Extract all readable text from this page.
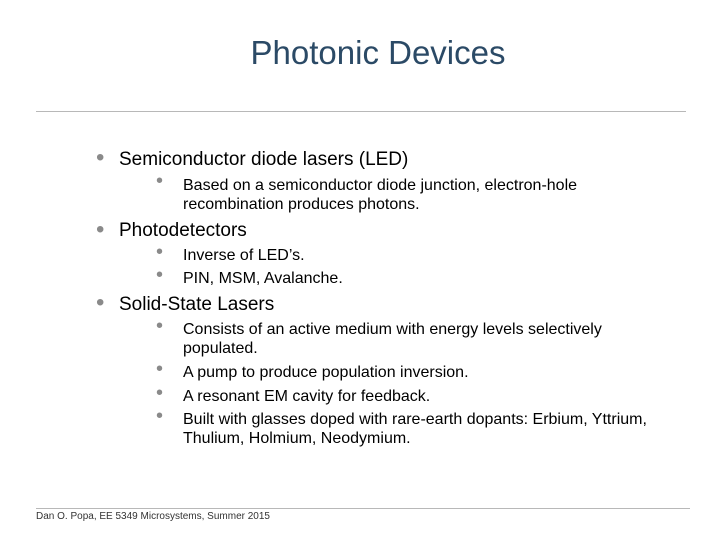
Photonic Devices
• Semiconductor diode lasers (LED)
• Based on a semiconductor diode junction, electron-hole recombination produces photons.
• Photodetectors
• Inverse of LED’s.
• PIN, MSM, Avalanche.
• Solid-State Lasers
• Consists of an active medium with energy levels selectively populated.
• A pump to produce population inversion.
• A resonant EM cavity for feedback.
• Built with glasses doped with rare-earth dopants: Erbium, Yttrium, Thulium, Holmium, Neodymium.
Dan O. Popa, EE 5349 Microsystems, Summer 2015
